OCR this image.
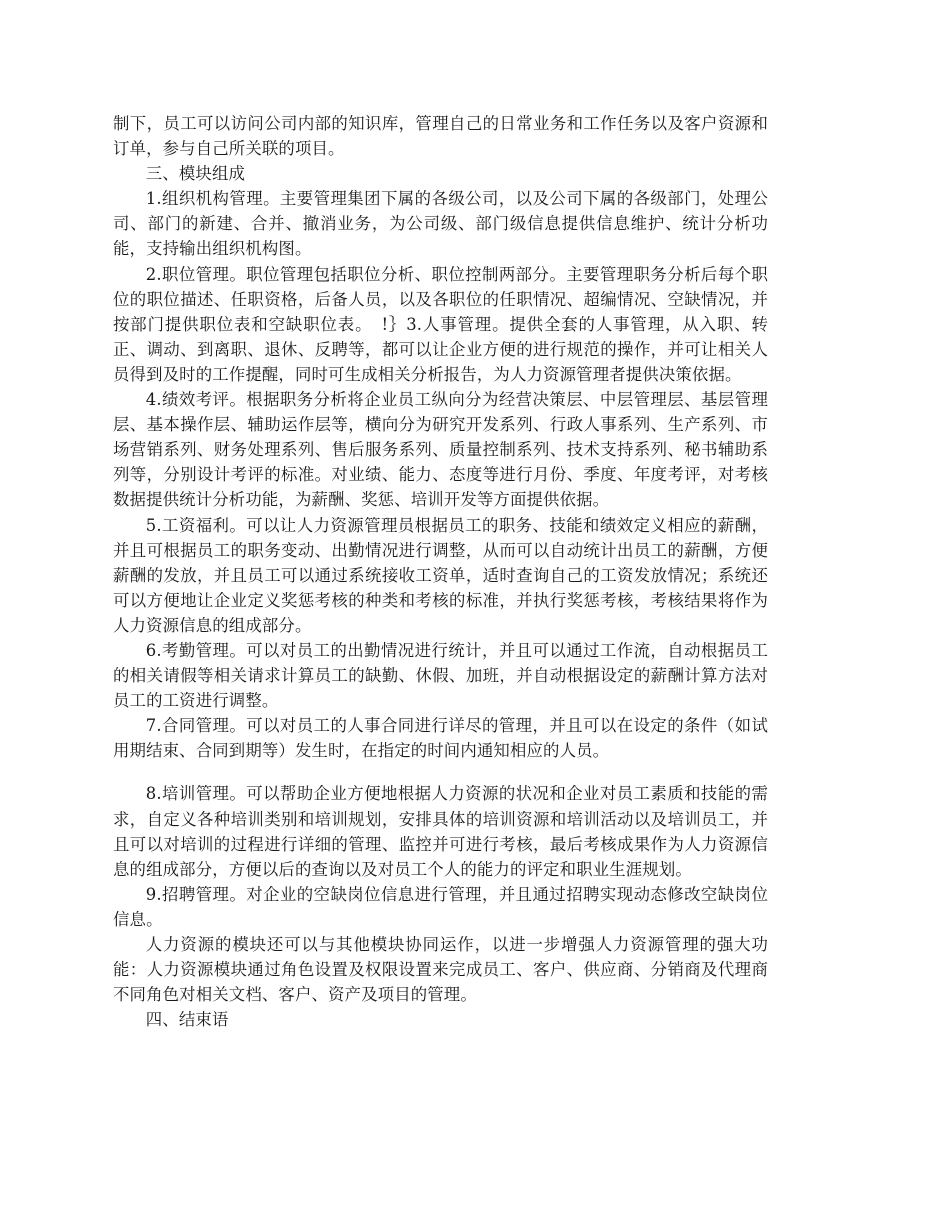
制下，员工可以访问公司内部的知识库，管理自己的日常业务和工作任务以及客户资源和订单，参与自己所关联的项目。

三、模块组成

1.组织机构管理。主要管理集团下属的各级公司，以及公司下属的各级部门，处理公司、部门的新建、合并、撤消业务，为公司级、部门级信息提供信息维护、统计分析功能，支持输出组织机构图。

2.职位管理。职位管理包括职位分析、职位控制两部分。主要管理职务分析后每个职位的职位描述、任职资格，后备人员，以及各职位的任职情况、超编情况、空缺情况，并按部门提供职位表和空缺职位表。　!｝3.人事管理。提供全套的人事管理，从入职、转正、调动、到离职、退休、反聘等，都可以让企业方便的进行规范的操作，并可让相关人员得到及时的工作提醒，同时可生成相关分析报告，为人力资源管理者提供决策依据。

4.绩效考评。根据职务分析将企业员工纵向分为经营决策层、中层管理层、基层管理层、基本操作层、辅助运作层等，横向分为研究开发系列、行政人事系列、生产系列、市场营销系列、财务处理系列、售后服务系列、质量控制系列、技术支持系列、秘书辅助系列等，分别设计考评的标准。对业绩、能力、态度等进行月份、季度、年度考评，对考核数据提供统计分析功能，为薪酬、奖惩、培训开发等方面提供依据。

5.工资福利。可以让人力资源管理员根据员工的职务、技能和绩效定义相应的薪酬，并且可根据员工的职务变动、出勤情况进行调整，从而可以自动统计出员工的薪酬，方便薪酬的发放，并且员工可以通过系统接收工资单，适时查询自己的工资发放情况；系统还可以方便地让企业定义奖惩考核的种类和考核的标准，并执行奖惩考核，考核结果将作为人力资源信息的组成部分。

6.考勤管理。可以对员工的出勤情况进行统计，并且可以通过工作流，自动根据员工的相关请假等相关请求计算员工的缺勤、休假、加班，并自动根据设定的薪酬计算方法对员工的工资进行调整。

7.合同管理。可以对员工的人事合同进行详尽的管理，并且可以在设定的条件（如试用期结束、合同到期等）发生时，在指定的时间内通知相应的人员。

8.培训管理。可以帮助企业方便地根据人力资源的状况和企业对员工素质和技能的需求，自定义各种培训类别和培训规划，安排具体的培训资源和培训活动以及培训员工，并且可以对培训的过程进行详细的管理、监控并可进行考核，最后考核成果作为人力资源信息的组成部分，方便以后的查询以及对员工个人的能力的评定和职业生涯规划。

9.招聘管理。对企业的空缺岗位信息进行管理，并且通过招聘实现动态修改空缺岗位信息。

人力资源的模块还可以与其他模块协同运作，以进一步增强人力资源管理的强大功能：人力资源模块通过角色设置及权限设置来完成员工、客户、供应商、分销商及代理商不同角色对相关文档、客户、资产及项目的管理。

四、结束语
